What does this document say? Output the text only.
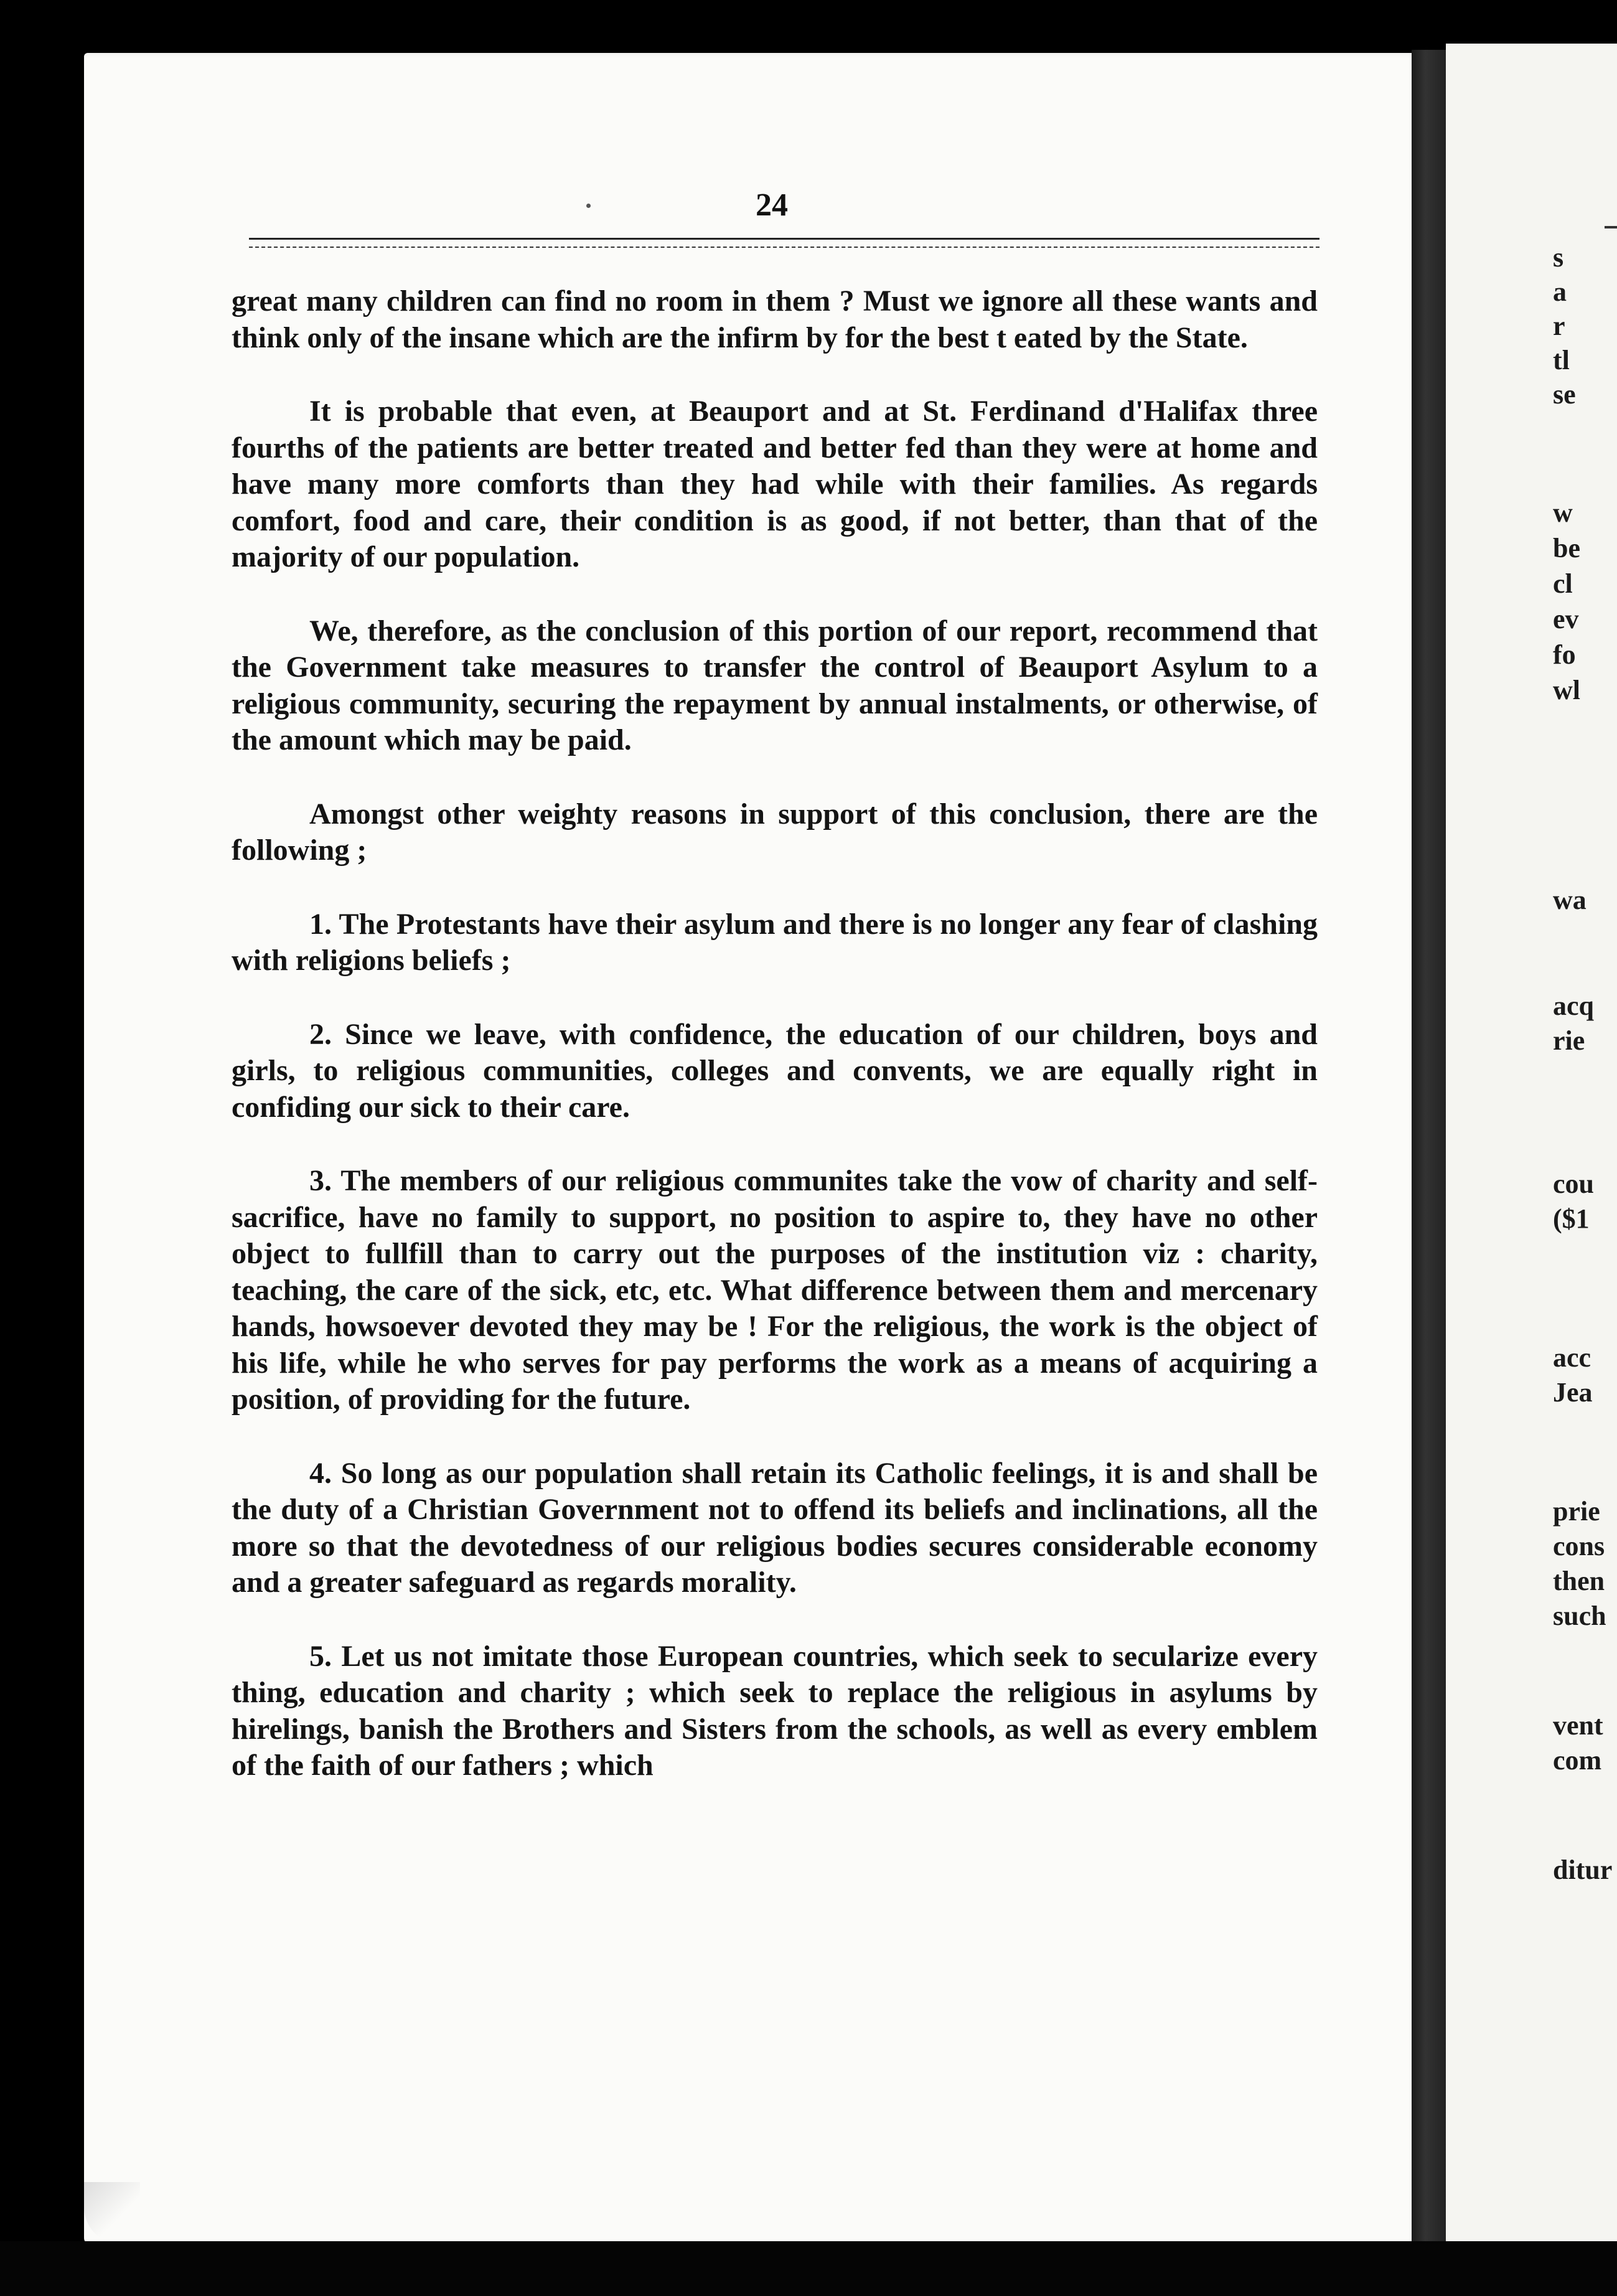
s
a
r
tl
se
w
be
cl
ev
fo
wl
wa
acq
rie
cou
($1
acc
Jea
prie
cons
then
such
vent
com
ditur
24

great many children can find no room in them ? Must we ignore all these wants and think only of the insane which are the infirm by for the best t eated by the State.

It is probable that even, at Beauport and at St. Ferdinand d'Halifax three fourths of the patients are better treated and better fed than they were at home and have many more comforts than they had while with their families. As regards comfort, food and care, their condition is as good, if not better, than that of the majority of our population.

We, therefore, as the conclusion of this portion of our report, recommend that the Government take measures to transfer the control of Beauport Asylum to a religious community, securing the repayment by annual instalments, or otherwise, of the amount which may be paid.

Amongst other weighty reasons in support of this conclusion, there are the following ;

1. The Protestants have their asylum and there is no longer any fear of clashing with religions beliefs ;

2. Since we leave, with confidence, the education of our children, boys and girls, to religious communities, colleges and convents, we are equally right in confiding our sick to their care.

3. The members of our religious communites take the vow of charity and self-sacrifice, have no family to support, no position to aspire to, they have no other object to fullfill than to carry out the purposes of the institution viz : charity, teaching, the care of the sick, etc, etc. What difference between them and mercenary hands, howsoever devoted they may be ! For the religious, the work is the object of his life, while he who serves for pay performs the work as a means of acquiring a position, of providing for the future.

4. So long as our population shall retain its Catholic feelings, it is and shall be the duty of a Christian Government not to offend its beliefs and inclinations, all the more so that the devotedness of our religious bodies secures considerable economy and a greater safeguard as regards morality.

5. Let us not imitate those European countries, which seek to secularize every thing, education and charity ; which seek to replace the religious in asylums by hirelings, banish the Brothers and Sisters from the schools, as well as every emblem of the faith of our fathers ; which
